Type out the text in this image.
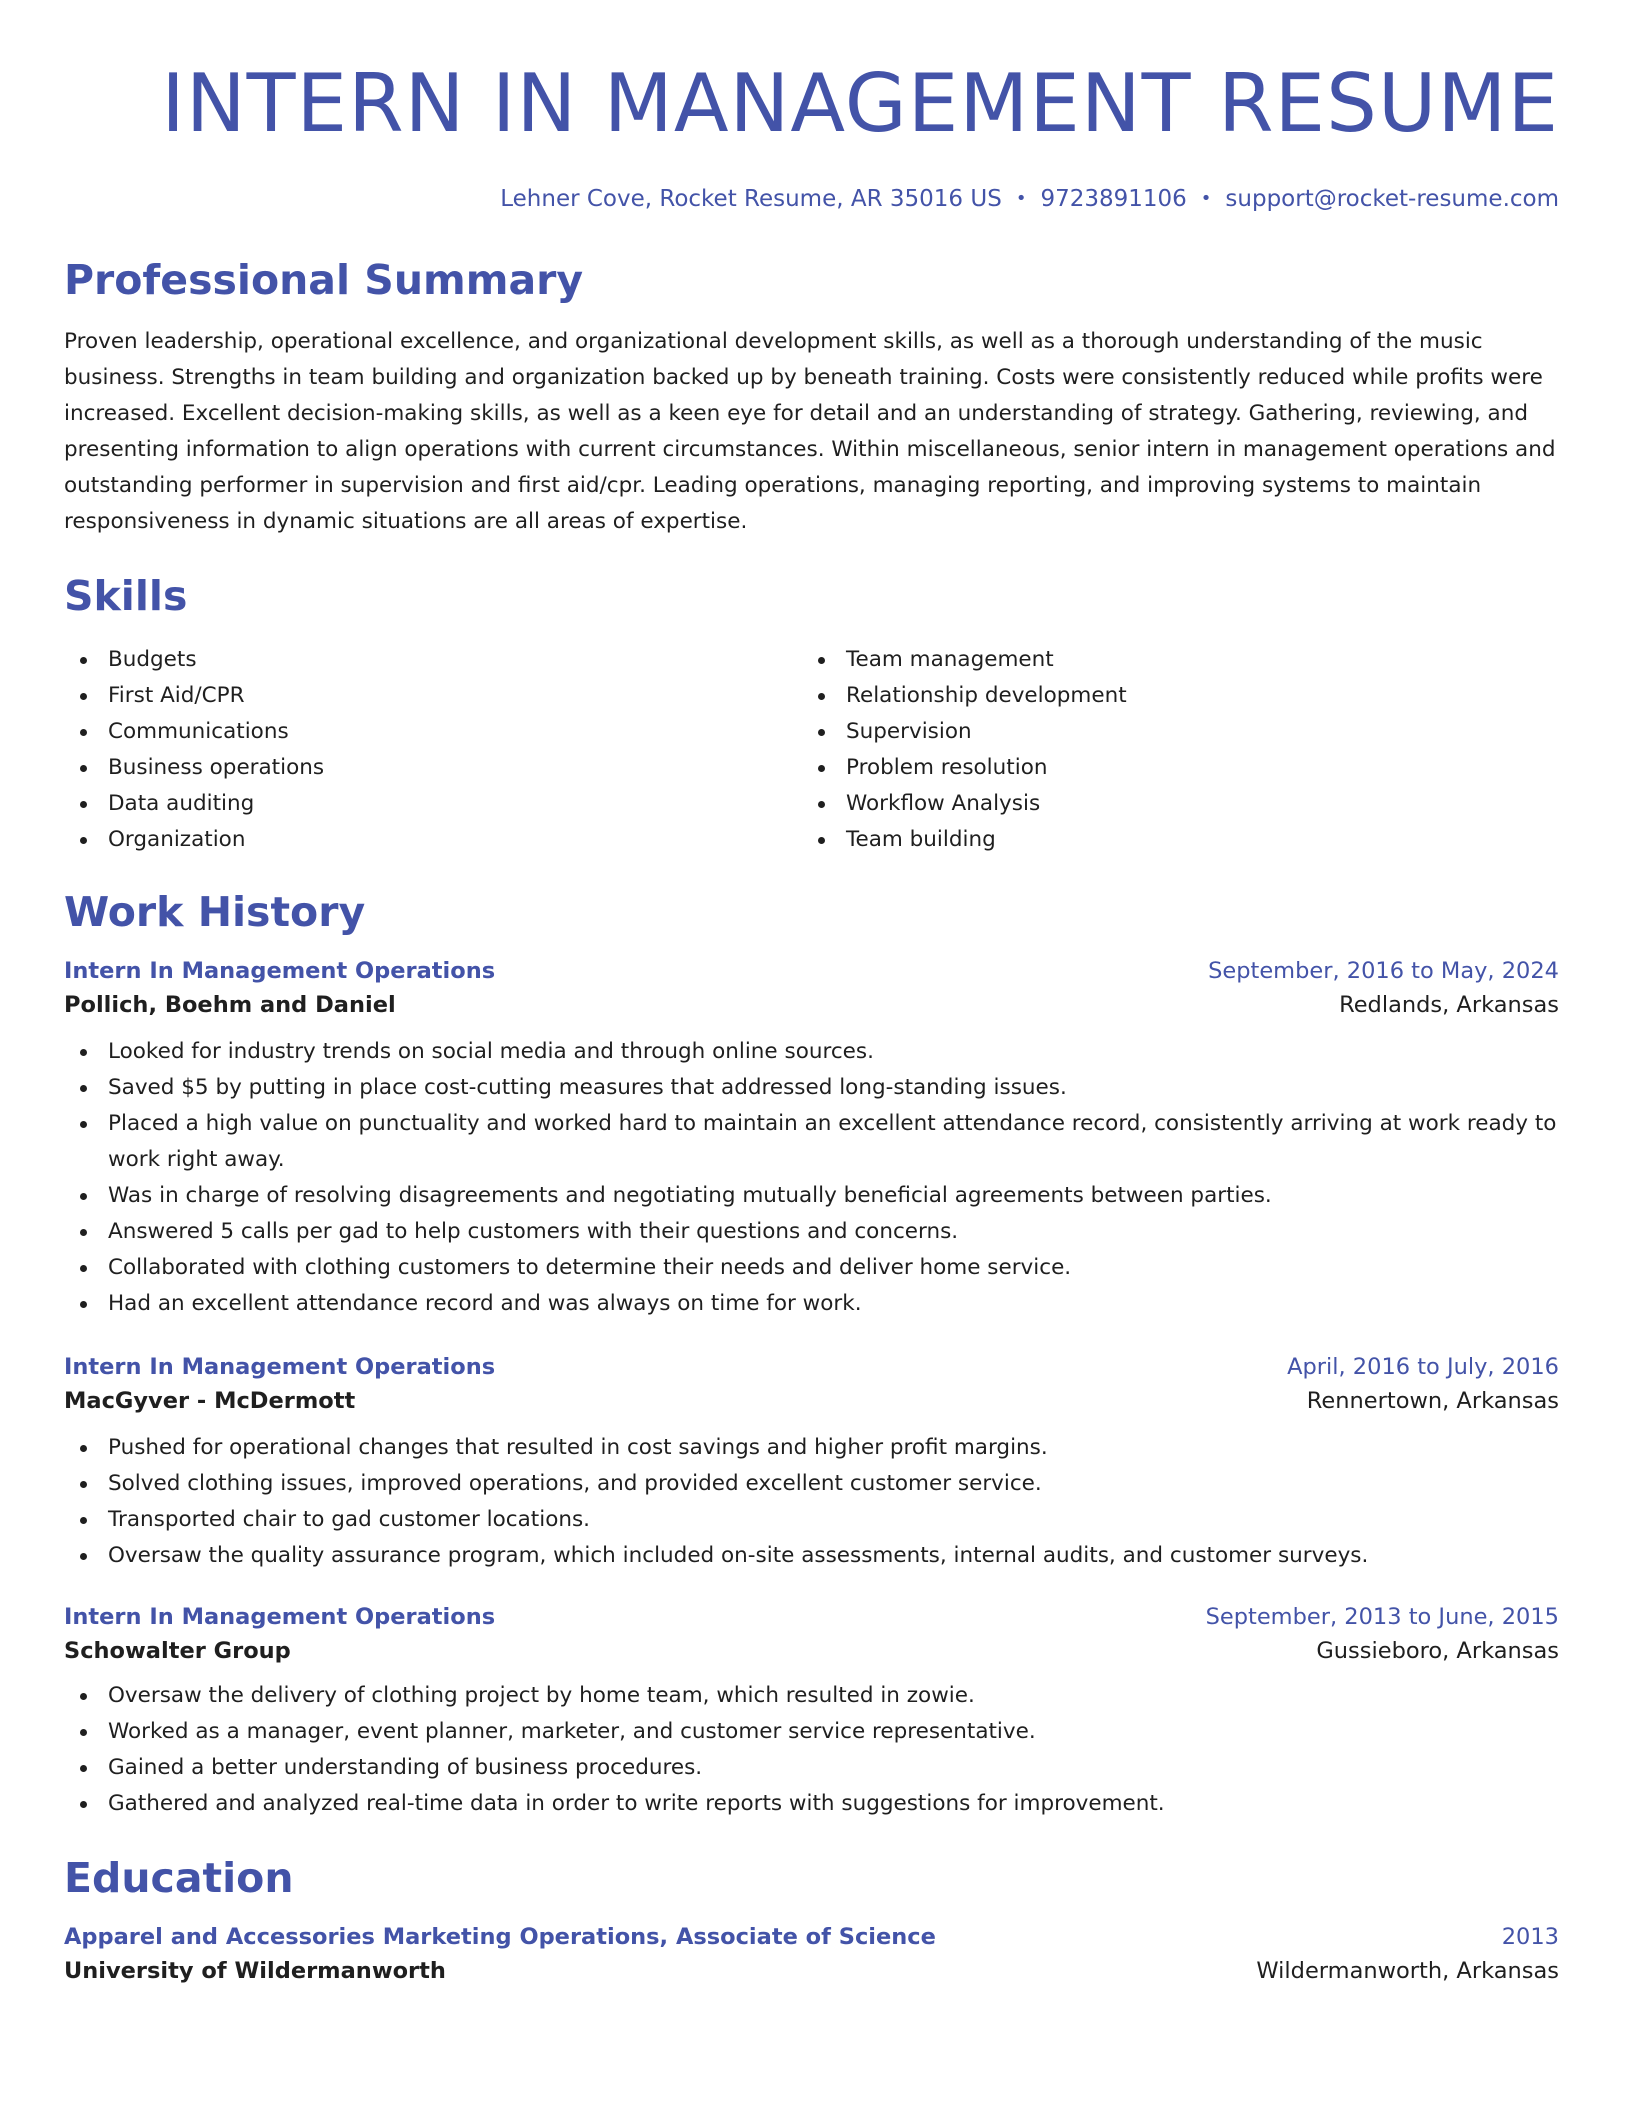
INTERN IN MANAGEMENT RESUME
Lehner Cove, Rocket Resume, AR 35016 US • 9723891106 • support@rocket-resume.com
Professional Summary
Proven leadership, operational excellence, and organizational development skills, as well as a thorough understanding of the music business. Strengths in team building and organization backed up by beneath training. Costs were consistently reduced while profits were increased. Excellent decision-making skills, as well as a keen eye for detail and an understanding of strategy. Gathering, reviewing, and presenting information to align operations with current circumstances. Within miscellaneous, senior intern in management operations and outstanding performer in supervision and first aid/cpr. Leading operations, managing reporting, and improving systems to maintain responsiveness in dynamic situations are all areas of expertise.
Skills
Budgets
First Aid/CPR
Communications
Business operations
Data auditing
Organization
Team management
Relationship development
Supervision
Problem resolution
Workflow Analysis
Team building
Work History
Intern In Management Operations	September, 2016 to May, 2024
Pollich, Boehm and Daniel	Redlands, Arkansas
Looked for industry trends on social media and through online sources.
Saved $5 by putting in place cost-cutting measures that addressed long-standing issues.
Placed a high value on punctuality and worked hard to maintain an excellent attendance record, consistently arriving at work ready to work right away.
Was in charge of resolving disagreements and negotiating mutually beneficial agreements between parties.
Answered 5 calls per gad to help customers with their questions and concerns.
Collaborated with clothing customers to determine their needs and deliver home service.
Had an excellent attendance record and was always on time for work.
Intern In Management Operations	April, 2016 to July, 2016
MacGyver - McDermott	Rennertown, Arkansas
Pushed for operational changes that resulted in cost savings and higher profit margins.
Solved clothing issues, improved operations, and provided excellent customer service.
Transported chair to gad customer locations.
Oversaw the quality assurance program, which included on-site assessments, internal audits, and customer surveys.
Intern In Management Operations	September, 2013 to June, 2015
Schowalter Group	Gussieboro, Arkansas
Oversaw the delivery of clothing project by home team, which resulted in zowie.
Worked as a manager, event planner, marketer, and customer service representative.
Gained a better understanding of business procedures.
Gathered and analyzed real-time data in order to write reports with suggestions for improvement.
Education
Apparel and Accessories Marketing Operations, Associate of Science	2013
University of Wildermanworth	Wildermanworth, Arkansas
